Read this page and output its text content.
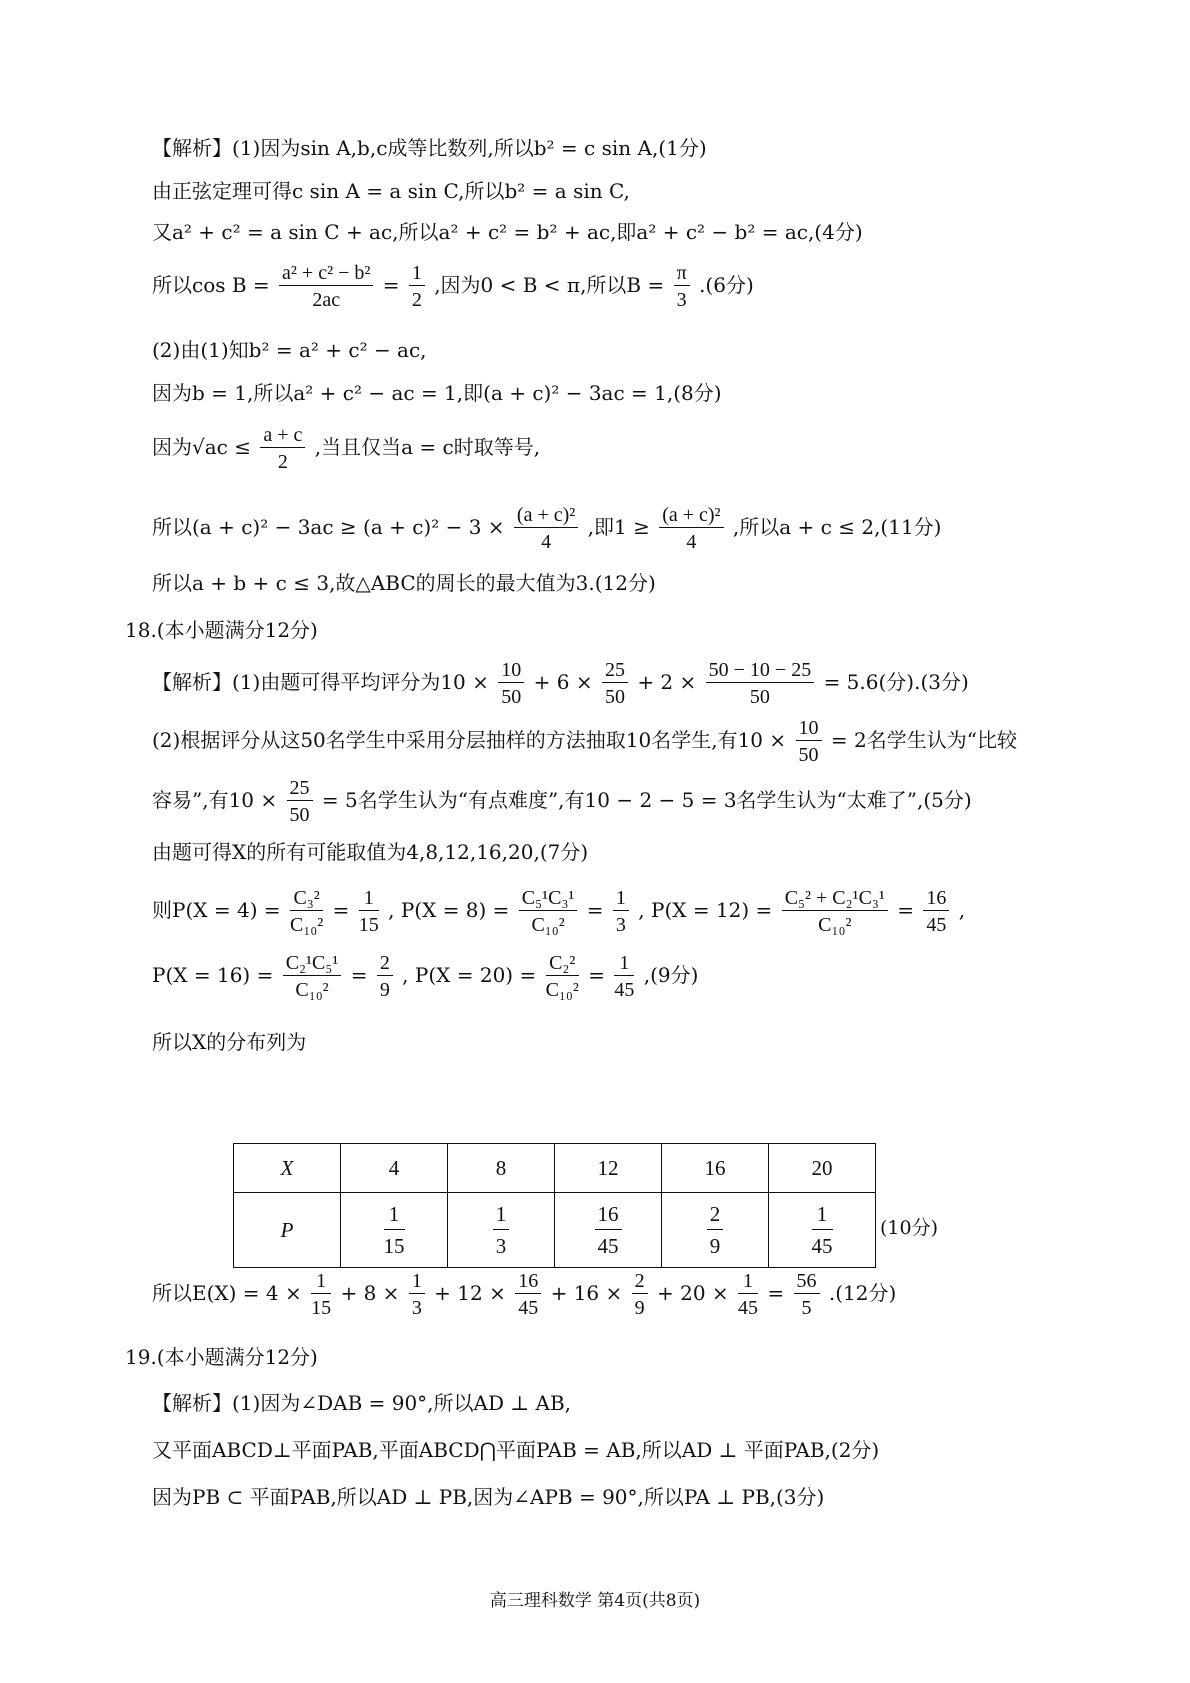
【解析】(1)因为sin A,b,c成等比数列,所以b² = c sin A,(1分)
由正弦定理可得c sin A = a sin C,所以b² = a sin C,
又a² + c² = a sin C + ac,所以a² + c² = b² + ac,即a² + c² − b² = ac,(4分)
所以$\cos B = \frac{\text{a² + c² − b²}}{2ac} = \frac{1}{2}$ ,因为0 < B < π,所以$B = \frac{\pi}{3} .(6$分)
(2)由(1)知b² = a² + c² − ac,
因为b = 1,所以a² + c² − ac = 1,即(a + c)² − 3ac = 1,(8分)
因为$√ac \le \frac{a + c}{2}$ ,当且仅当a = c时取等号,
所以$(a + c)^2 - 3ac \ge (a + c)^2 - 3 \times \frac{\text{(a + c)²}}{4}$ ,即$1 \ge \frac{\text{(a + c)²}}{4}$ ,所以a + c ≤ 2,(11分)
所以a + b + c ≤ 3,故△ABC的周长的最大值为3.(12分)
18.(本小题满分12分)
【解析】(1)由题可得平均评分为$10 \times \frac{10}{50} + 6 \times \frac{25}{50} + 2 \times \frac{50 - 10 - 25}{50} = 5.6$(分).(3分)
(2)根据评分从这50名学生中采用分层抽样的方法抽取10名学生,有$10 \times \frac{10}{50} = 2$名学生认为“比较
容易”,有$10 \times \frac{25}{50} = 5$名学生认为“有点难度”,有10 − 2 − 5 = 3名学生认为“太难了”,(5分)
由题可得X的所有可能取值为4,8,12,16,20,(7分)
则$P(X = 4) = \frac{\text{C₃²}}{\text{C₁₀²}} = \frac{1}{15}$ , $P(X = 8) = \frac{\text{C₅¹C₃¹}}{\text{C₁₀²}} = \frac{1}{3}$ , $P(X = 12) = \frac{\text{C₅² + C₂¹C₃¹}}{\text{C₁₀²}} = \frac{16}{45}$ ,
$P(X = 16) = \frac{\text{C₂¹C₅¹}}{\text{C₁₀²}} = \frac{2}{9}$ , $P(X = 20) = \frac{\text{C₂²}}{\text{C₁₀²}} = \frac{1}{45} ,(9$分)
所以X的分布列为
X	4	8	12	16	20
P	$\frac{1}{15}$	$\frac{1}{3}$	$\frac{16}{45}$	$\frac{2}{9}$	$\frac{1}{45}$	(10分)
所以$E(X) = 4 \times \frac{1}{15} + 8 \times \frac{1}{3} + 12 \times \frac{16}{45} + 16 \times \frac{2}{9} + 20 \times \frac{1}{45} = \frac{56}{5} .(12$分)
19.(本小题满分12分)
【解析】(1)因为∠DAB = 90°,所以AD ⊥ AB,
又平面ABCD⊥平面PAB,平面ABCD⋂平面PAB = AB,所以AD ⊥ 平面PAB,(2分)
因为PB ⊂ 平面PAB,所以AD ⊥ PB,因为∠APB = 90°,所以PA ⊥ PB,(3分)
高三理科数学 第4页(共8页)
